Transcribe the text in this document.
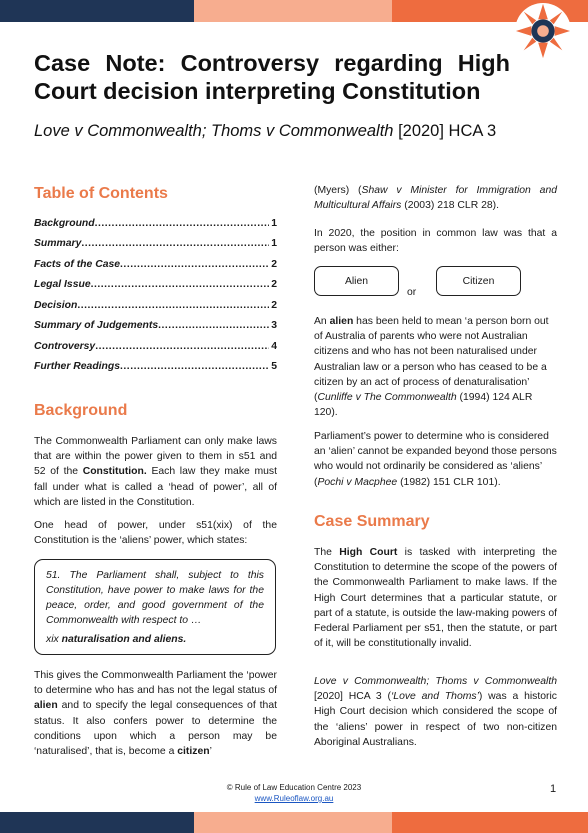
Case Note: Controversy regarding High Court decision interpreting Constitution

Love v Commonwealth; Thoms v Commonwealth [2020] HCA 3

Table of Contents
Background .....	1
Summary .....	1
Facts of the Case .....	2
Legal Issue .....	2
Decision .....	2
Summary of Judgements .....	3
Controversy .....	4
Further Readings .....	5
Background

The Commonwealth Parliament can only make laws that are within the power given to them in s51 and 52 of the Constitution. Each law they make must fall under what is called a ‘head of power’, all of which are listed in the Constitution.

One head of power, under s51(xix) of the Constitution is the ‘aliens’ power, which states:

51. The Parliament shall, subject to this Constitution, have power to make laws for the peace, order, and good government of the Commonwealth with respect to …

xix naturalisation and aliens.

This gives the Commonwealth Parliament the ‘power to determine who has and has not the legal status of alien and to specify the legal consequences of that status. It also confers power to determine the conditions upon which a person may be ‘naturalised’, that is, become a citizen’

(Myers) (Shaw v Minister for Immigration and Multicultural Affairs (2003) 218 CLR 28).

In 2020, the position in common law was that a person was either:

Alien
or
Citizen

An alien has been held to mean ‘a person born out of Australia of parents who were not Australian citizens and who has not been naturalised under Australian law or a person who has ceased to be a citizen by an act of process of denaturalisation’ (Cunliffe v The Commonwealth (1994) 124 ALR 120).

Parliament’s power to determine who is considered an ‘alien’ cannot be expanded beyond those persons who would not ordinarily be considered as ‘aliens’ (Pochi v Macphee (1982) 151 CLR 101).

Case Summary

The High Court is tasked with interpreting the Constitution to determine the scope of the powers of the Commonwealth Parliament to make laws. If the High Court determines that a particular statute, or part of a statute, is outside the law-making powers of Federal Parliament per s51, then the statute, or part of it, will be constitutionally invalid.

Love v Commonwealth; Thoms v Commonwealth [2020] HCA 3 (‘Love and Thoms’) was a historic High Court decision which considered the scope of the ‘aliens’ power in respect of two non-citizen Aboriginal Australians.

© Rule of Law Education Centre 2023
www.Ruleoflaw.org.au
1
